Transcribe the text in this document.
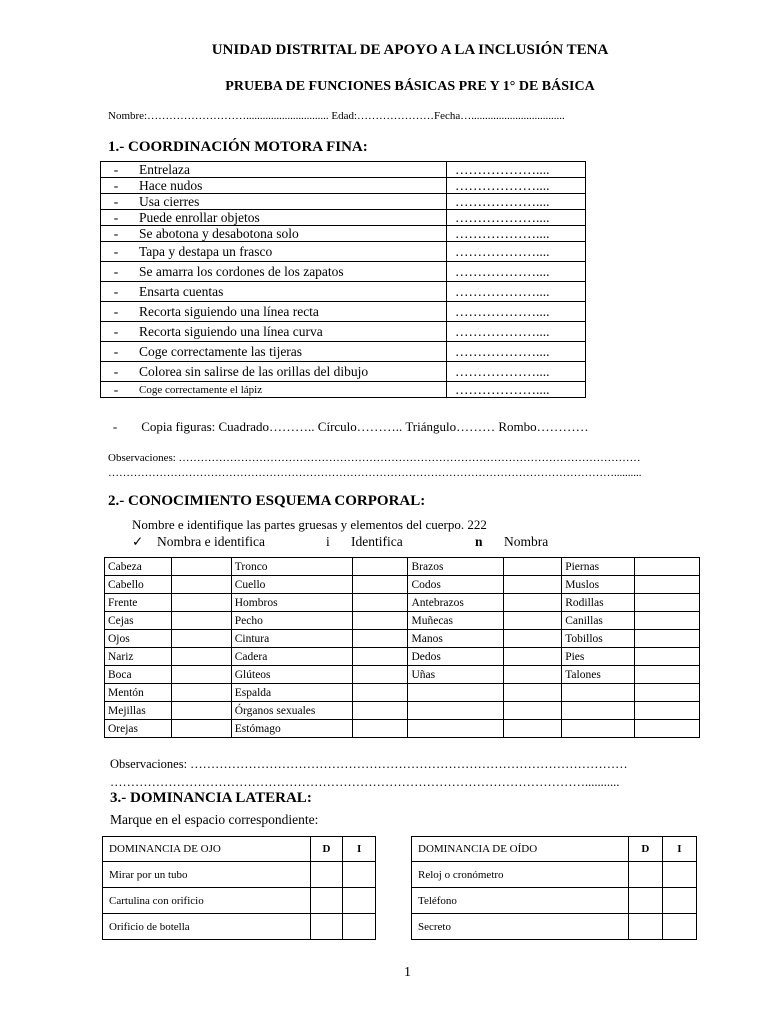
UNIDAD DISTRITAL DE APOYO A LA INCLUSIÓN TENA
PRUEBA DE FUNCIONES BÁSICAS PRE Y 1° DE BÁSICA
Nombre:……………………….............................. Edad:…………………Fecha…..................................
1.- COORDINACIÓN MOTORA FINA:
-	Entrelaza	………………....
-	Hace nudos	………………....
-	Usa cierres	………………....
-	Puede enrollar objetos	………………....
-	Se abotona y desabotona solo	………………....
-	Tapa y destapa un frasco	………………....
-	Se amarra los cordones de los zapatos	………………....
-	Ensarta cuentas	………………....
-	Recorta siguiendo una línea recta	………………....
-	Recorta siguiendo una línea curva	………………....
-	Coge correctamente las tijeras	………………....
-	Colorea sin salirse de las orillas del dibujo	………………....
-	Coge correctamente el lápiz	………………....
- Copia figuras: Cuadrado……….. Círculo……….. Triángulo……… Rombo…………
Observaciones: ………………………………………………………………………………………………………………
…………………………………………………………………………………………………………………………..........
2.- CONOCIMIENTO ESQUEMA CORPORAL:
Nombre e identifique las partes gruesas y elementos del cuerpo. 222
✓ Nombra e identifica	i Identifica	n Nombra
Cabeza		Tronco		Brazos		Piernas	
Cabello		Cuello		Codos		Muslos	
Frente		Hombros		Antebrazos		Rodillas	
Cejas		Pecho		Muñecas		Canillas	
Ojos		Cintura		Manos		Tobillos	
Nariz		Cadera		Dedos		Pies	
Boca		Glúteos		Uñas		Talones	
Mentón		Espalda					
Mejillas		Órganos sexuales					
Orejas		Estómago					
Observaciones: ……………………………………………………………………………………………
……………………………………………………………………………………………………...........
3.- DOMINANCIA LATERAL:
Marque en el espacio correspondiente:
DOMINANCIA DE OJO	D	I
Mirar por un tubo		
Cartulina con orificio		
Orificio de botella		
DOMINANCIA DE OÍDO	D	I
Reloj o cronómetro		
Teléfono		
Secreto		
1
